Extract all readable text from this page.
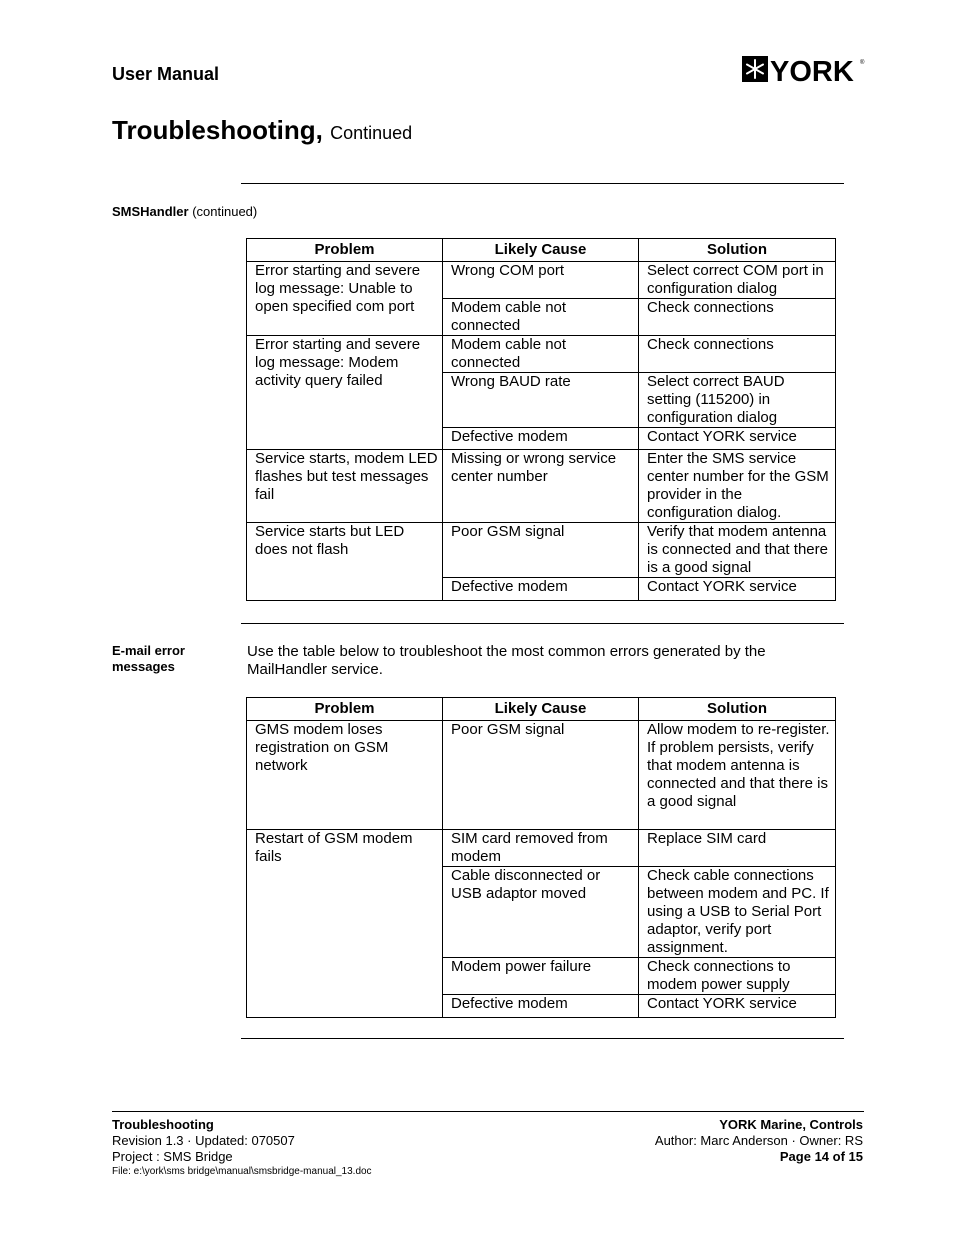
User Manual	YORK ®
Troubleshooting, Continued
SMSHandler (continued)
Problem	Likely Cause	Solution
Error starting and severe log message: Unable to open specified com port	Wrong COM port	Select correct COM port in configuration dialog
	Modem cable not connected	Check connections
Error starting and severe log message: Modem activity query failed	Modem cable not connected	Check connections
	Wrong BAUD rate	Select correct BAUD setting (115200) in configuration dialog
	Defective modem	Contact YORK service
Service starts, modem LED flashes but test messages fail	Missing or wrong service center number	Enter the SMS service center number for the GSM provider in the configuration dialog.
Service starts but LED does not flash	Poor GSM signal	Verify that modem antenna is connected and that there is a good signal
	Defective modem	Contact YORK service
E-mail error messages
Use the table below to troubleshoot the most common errors generated by the MailHandler service.
Problem	Likely Cause	Solution
GMS modem loses registration on GSM network	Poor GSM signal	Allow modem to re-register. If problem persists, verify that modem antenna is connected and that there is a good signal
Restart of GSM modem fails	SIM card removed from modem	Replace SIM card
	Cable disconnected or USB adaptor moved	Check cable connections between modem and PC. If using a USB to Serial Port adaptor, verify port assignment.
	Modem power failure	Check connections to modem power supply
	Defective modem	Contact YORK service
Troubleshooting
Revision 1.3 · Updated: 070507
Project : SMS Bridge
File: e:\york\sms bridge\manual\smsbridge-manual_13.doc
YORK Marine, Controls
Author: Marc Anderson · Owner: RS
Page 14 of 15
